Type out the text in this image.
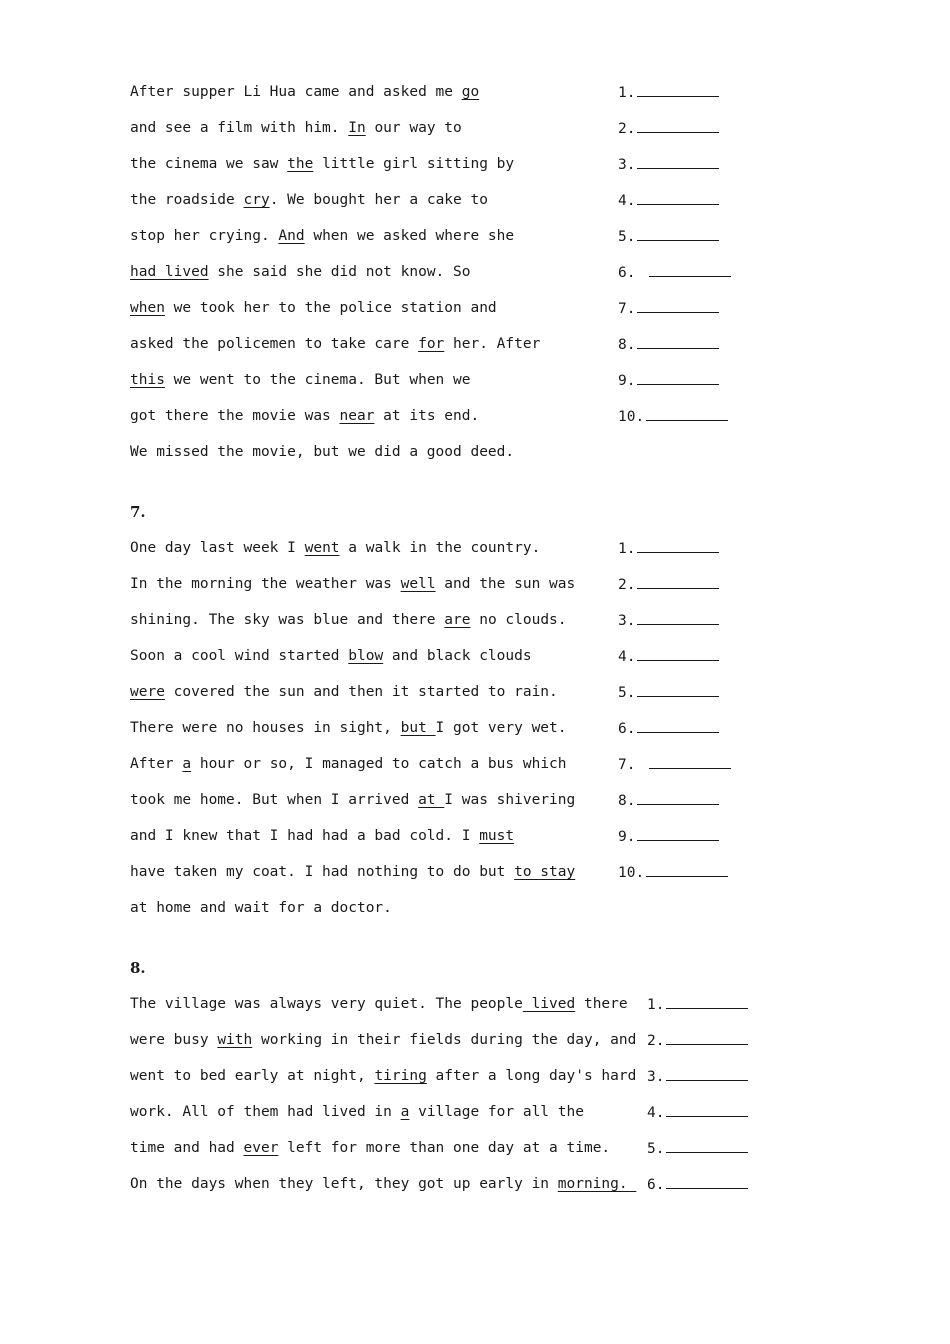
After supper Li Hua came and asked me go
and see a film with him. In our way to
the cinema we saw the little girl sitting by
the roadside cry. We bought her a cake to
stop her crying. And when we asked where she
had lived she said she did not know. So
when we took her to the police station and
asked the policemen to take care for her. After
this we went to the cinema. But when we
got there the movie was near at its end.
We missed the movie, but we did a good deed.
1.
2.
3.
4.
5.
6.
7.
8.
9.
10.
7.
One day last week I went a walk in the country.
In the morning the weather was well and the sun was
shining. The sky was blue and there are no clouds.
Soon a cool wind started blow and black clouds
were covered the sun and then it started to rain.
There were no houses in sight, but I got very wet.
After a hour or so, I managed to catch a bus which
took me home. But when I arrived at I was shivering
and I knew that I had had a bad cold. I must
have taken my coat. I had nothing to do but to stay
at home and wait for a doctor.
1.
2.
3.
4.
5.
6.
7.
8.
9.
10.
8.
The village was always very quiet. The people lived there
were busy with working in their fields during the day, and
went to bed early at night, tiring after a long day's hard
work. All of them had lived in a village for all the
time and had ever left for more than one day at a time.
On the days when they left, they got up early in morning.
1.
2.
3.
4.
5.
6.
